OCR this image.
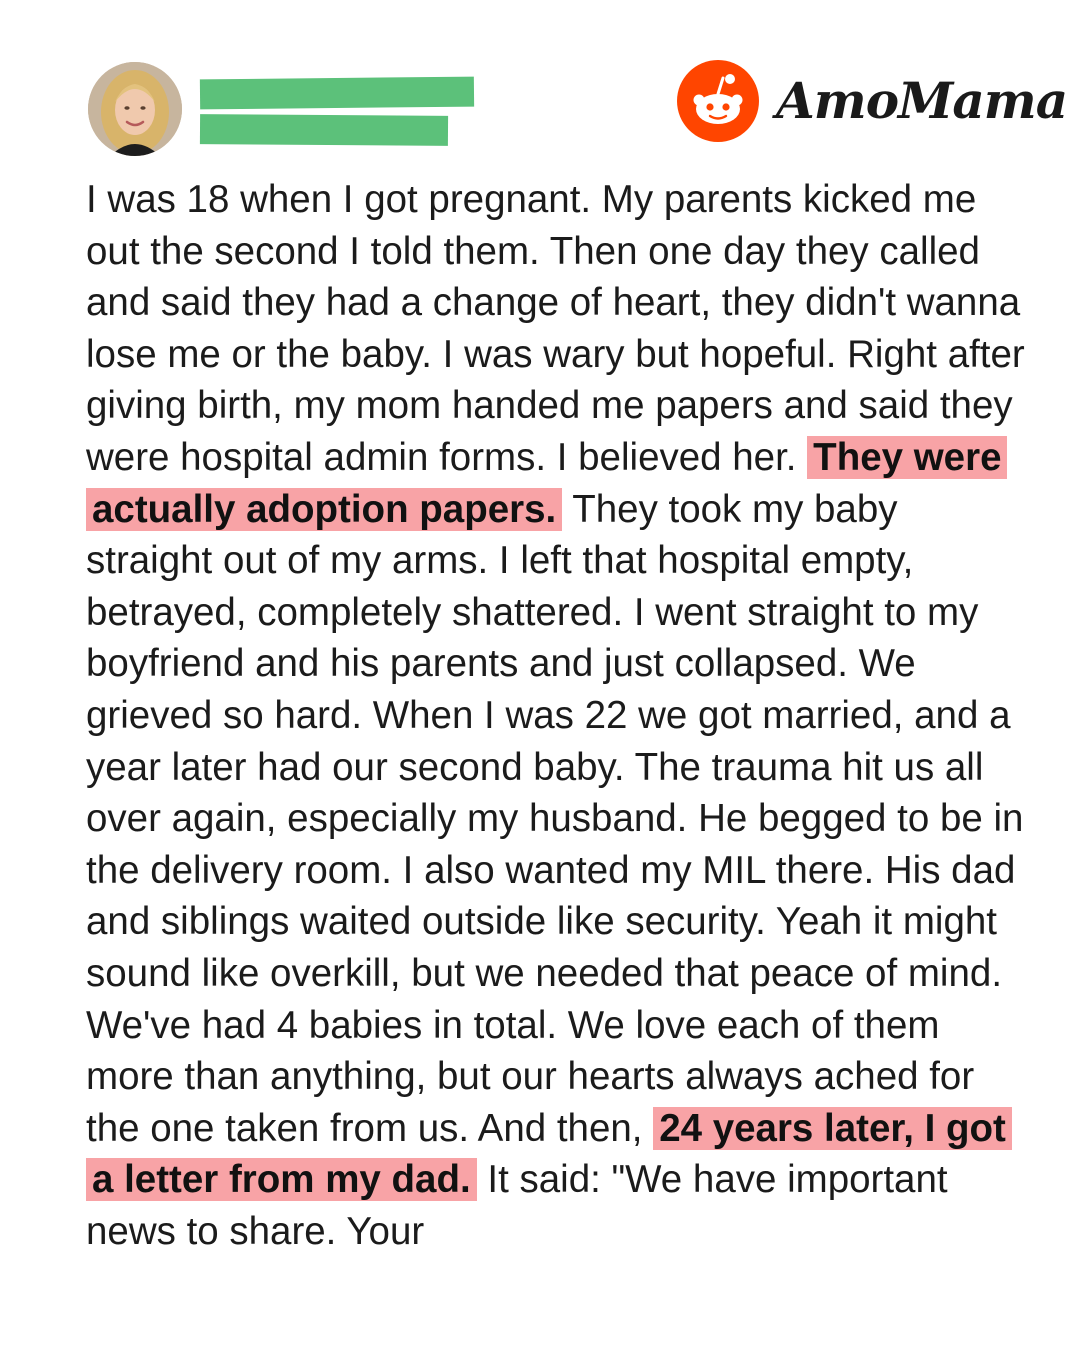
AmoMama

I was 18 when I got pregnant. My parents kicked me out the second I told them. Then one day they called and said they had a change of heart, they didn't wanna lose me or the baby. I was wary but hopeful. Right after giving birth, my mom handed me papers and said they were hospital admin forms. I believed her. They were actually adoption papers. They took my baby straight out of my arms. I left that hospital empty, betrayed, completely shattered. I went straight to my boyfriend and his parents and just collapsed. We grieved so hard. When I was 22 we got married, and a year later had our second baby. The trauma hit us all over again, especially my husband. He begged to be in the delivery room. I also wanted my MIL there. His dad and siblings waited outside like security. Yeah it might sound like overkill, but we needed that peace of mind. We've had 4 babies in total. We love each of them more than anything, but our hearts always ached for the one taken from us. And then, 24 years later, I got a letter from my dad. It said: "We have important news to share. Your
